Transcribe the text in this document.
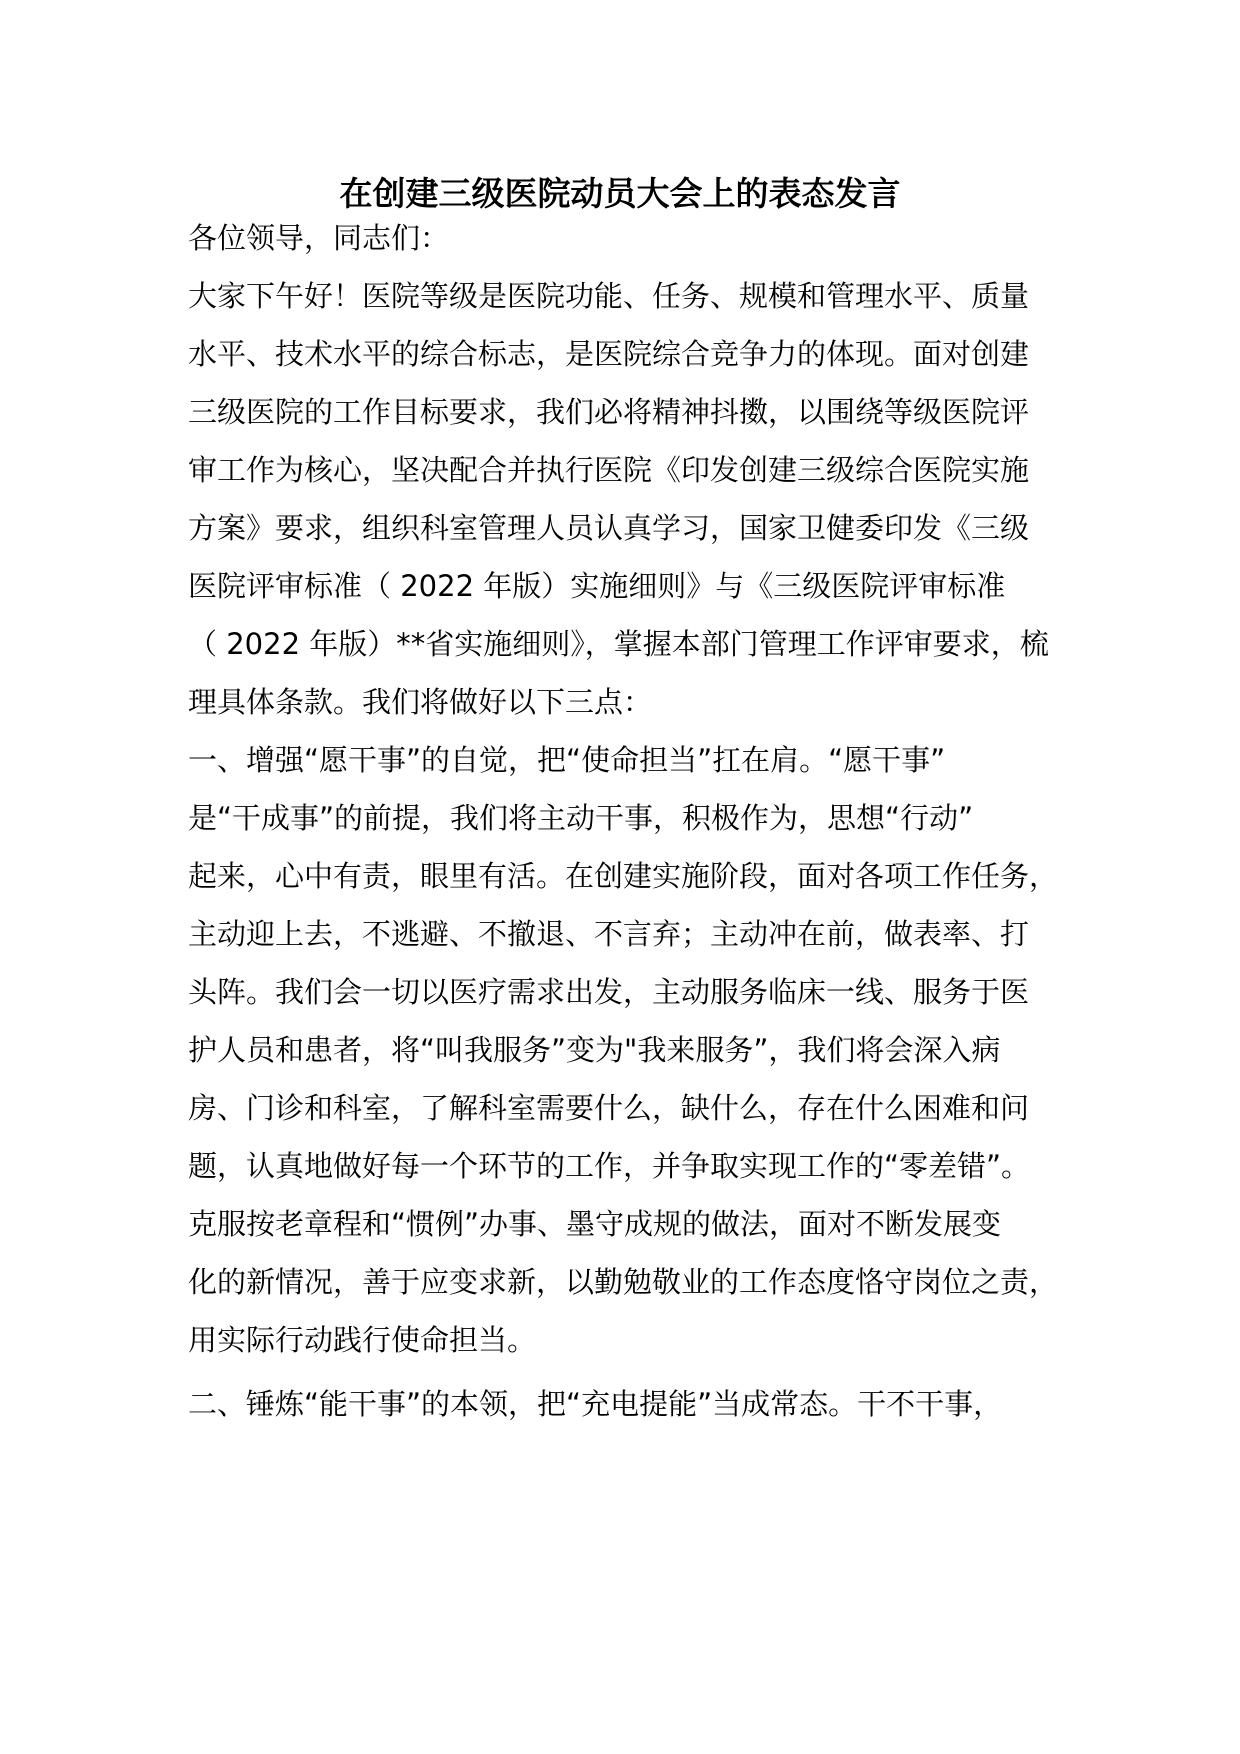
在创建三级医院动员大会上的表态发言

各位领导，同志们：

大家下午好！医院等级是医院功能、任务、规模和管理水平、质量

水平、技术水平的综合标志，是医院综合竞争力的体现。面对创建

三级医院的工作目标要求，我们必将精神抖擞，以围绕等级医院评

审工作为核心，坚决配合并执行医院《印发创建三级综合医院实施

方案》要求，组织科室管理人员认真学习，国家卫健委印发《三级

医院评审标准（ 2022 年版）实施细则》与《三级医院评审标准

（ 2022 年版）**省实施细则》，掌握本部门管理工作评审要求，梳

理具体条款。我们将做好以下三点：

一、增强“愿干事”的自觉，把“使命担当”扛在肩。“愿干事”

是“干成事”的前提，我们将主动干事，积极作为，思想“行动”

起来，心中有责，眼里有活。在创建实施阶段，面对各项工作任务，

主动迎上去，不逃避、不撤退、不言弃；主动冲在前，做表率、打

头阵。我们会一切以医疗需求出发，主动服务临床一线、服务于医

护人员和患者，将“叫我服务”变为"我来服务”，我们将会深入病

房、门诊和科室，了解科室需要什么，缺什么，存在什么困难和问

题，认真地做好每一个环节的工作，并争取实现工作的“零差错”。

克服按老章程和“惯例”办事、墨守成规的做法，面对不断发展变

化的新情况，善于应变求新，以勤勉敬业的工作态度恪守岗位之责，

用实际行动践行使命担当。

二、锤炼“能干事”的本领，把“充电提能”当成常态。干不干事，
